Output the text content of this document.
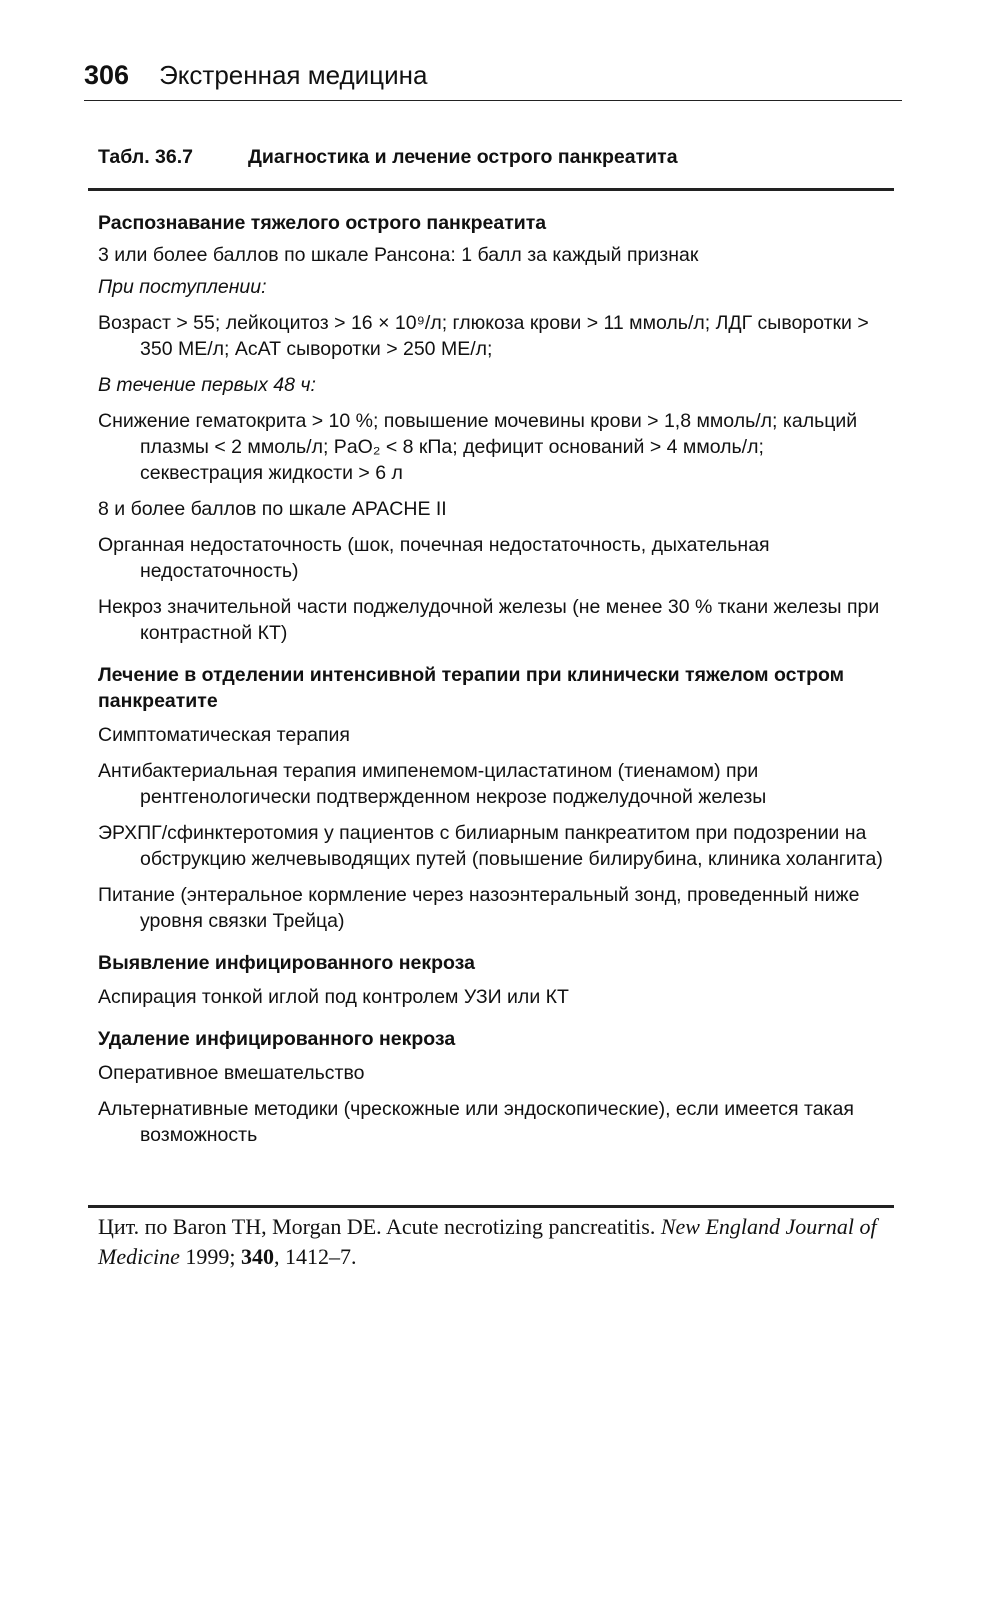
306 Экстренная медицина
Табл. 36.7	Диагностика и лечение острого панкреатита

Распознавание тяжелого острого панкреатита

3 или более баллов по шкале Рансона: 1 балл за каждый признак

При поступлении:

Возраст > 55; лейкоцитоз > 16 × 10⁹/л; глюкоза крови > 11 ммоль/л; ЛДГ сыворотки > 350 МЕ/л; АсАТ сыворотки > 250 МЕ/л;

В течение первых 48 ч:

Снижение гематокрита > 10 %; повышение мочевины крови > 1,8 ммоль/л; кальций плазмы < 2 ммоль/л; PaO₂ < 8 кПа; дефицит оснований > 4 ммоль/л; секвестрация жидкости > 6 л

8 и более баллов по шкале APACHE II

Органная недостаточность (шок, почечная недостаточность, дыхательная недостаточность)

Некроз значительной части поджелудочной железы (не менее 30 % ткани железы при контрастной КТ)

Лечение в отделении интенсивной терапии при клинически тяжелом остром панкреатите

Симптоматическая терапия

Антибактериальная терапия имипенемом-циластатином (тиенамом) при рентгенологически подтвержденном некрозе поджелудочной железы

ЭРХПГ/сфинктеротомия у пациентов с билиарным панкреатитом при подозрении на обструкцию желчевыводящих путей (повышение билирубина, клиника холангита)

Питание (энтеральное кормление через назоэнтеральный зонд, проведенный ниже уровня связки Трейца)

Выявление инфицированного некроза

Аспирация тонкой иглой под контролем УЗИ или КТ

Удаление инфицированного некроза

Оперативное вмешательство

Альтернативные методики (чрескожные или эндоскопические), если имеется такая возможность

Цит. по Baron TH, Morgan DE. Acute necrotizing pancreatitis. New England Journal of Medicine 1999; 340, 1412–7.
